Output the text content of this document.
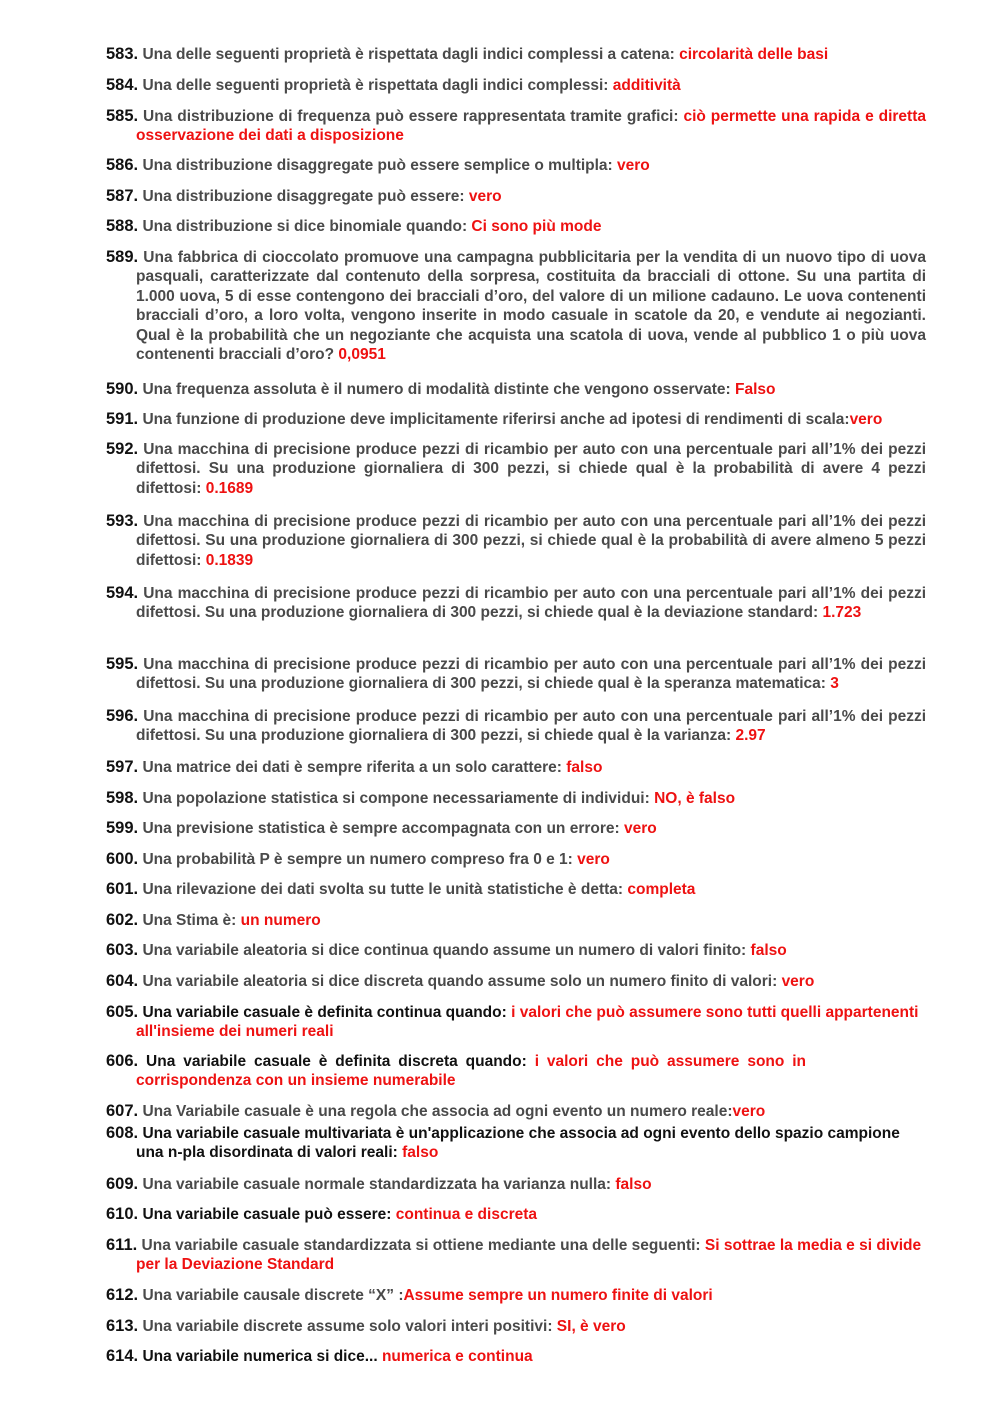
583. Una delle seguenti proprietà è rispettata dagli indici complessi a catena: circolarità delle basi

584. Una delle seguenti proprietà è rispettata dagli indici complessi: additività

585. Una distribuzione di frequenza può essere rappresentata tramite grafici: ciò permette una rapida e diretta osservazione dei dati a disposizione

586. Una distribuzione disaggregate può essere semplice o multipla: vero

587. Una distribuzione disaggregate può essere: vero

588. Una distribuzione si dice binomiale quando: Ci sono più mode

589. Una fabbrica di cioccolato promuove una campagna pubblicitaria per la vendita di un nuovo tipo di uova pasquali, caratterizzate dal contenuto della sorpresa, costituita da bracciali di ottone. Su una partita di 1.000 uova, 5 di esse contengono dei bracciali d’oro, del valore di un milione cadauno. Le uova contenenti bracciali d’oro, a loro volta, vengono inserite in modo casuale in scatole da 20, e vendute ai negozianti. Qual è la probabilità che un negoziante che acquista una scatola di uova, vende al pubblico 1 o più uova contenenti bracciali d’oro? 0,0951

590. Una frequenza assoluta è il numero di modalità distinte che vengono osservate: Falso

591. Una funzione di produzione deve implicitamente riferirsi anche ad ipotesi di rendimenti di scala:vero

592. Una macchina di precisione produce pezzi di ricambio per auto con una percentuale pari all’1% dei pezzi difettosi. Su una produzione giornaliera di 300 pezzi, si chiede qual è la probabilità di avere 4 pezzi difettosi: 0.1689

593. Una macchina di precisione produce pezzi di ricambio per auto con una percentuale pari all’1% dei pezzi difettosi. Su una produzione giornaliera di 300 pezzi, si chiede qual è la probabilità di avere almeno 5 pezzi difettosi: 0.1839

594. Una macchina di precisione produce pezzi di ricambio per auto con una percentuale pari all’1% dei pezzi difettosi. Su una produzione giornaliera di 300 pezzi, si chiede qual è la deviazione standard: 1.723

595. Una macchina di precisione produce pezzi di ricambio per auto con una percentuale pari all’1% dei pezzi difettosi. Su una produzione giornaliera di 300 pezzi, si chiede qual è la speranza matematica: 3

596. Una macchina di precisione produce pezzi di ricambio per auto con una percentuale pari all’1% dei pezzi difettosi. Su una produzione giornaliera di 300 pezzi, si chiede qual è la varianza: 2.97

597. Una matrice dei dati è sempre riferita a un solo carattere: falso

598. Una popolazione statistica si compone necessariamente di individui: NO, è falso

599. Una previsione statistica è sempre accompagnata con un errore: vero

600. Una probabilità P è sempre un numero compreso fra 0 e 1: vero

601. Una rilevazione dei dati svolta su tutte le unità statistiche è detta: completa

602. Una Stima è: un numero

603. Una variabile aleatoria si dice continua quando assume un numero di valori finito: falso

604. Una variabile aleatoria si dice discreta quando assume solo un numero finito di valori: vero

605. Una variabile casuale è definita continua quando: i valori che può assumere sono tutti quelli appartenenti all'insieme dei numeri reali

606. Una variabile casuale è definita discreta quando: i valori che può assumere sono in corrispondenza con un insieme numerabile

607. Una Variabile casuale è una regola che associa ad ogni evento un numero reale:vero

608. Una variabile casuale multivariata è un'applicazione che associa ad ogni evento dello spazio campione una n-pla disordinata di valori reali: falso

609. Una variabile casuale normale standardizzata ha varianza nulla: falso

610. Una variabile casuale può essere: continua e discreta

611. Una variabile casuale standardizzata si ottiene mediante una delle seguenti: Si sottrae la media e si divide per la Deviazione Standard

612. Una variabile causale discrete “X” :Assume sempre un numero finite di valori

613. Una variabile discrete assume solo valori interi positivi: SI, è vero

614. Una variabile numerica si dice... numerica e continua
